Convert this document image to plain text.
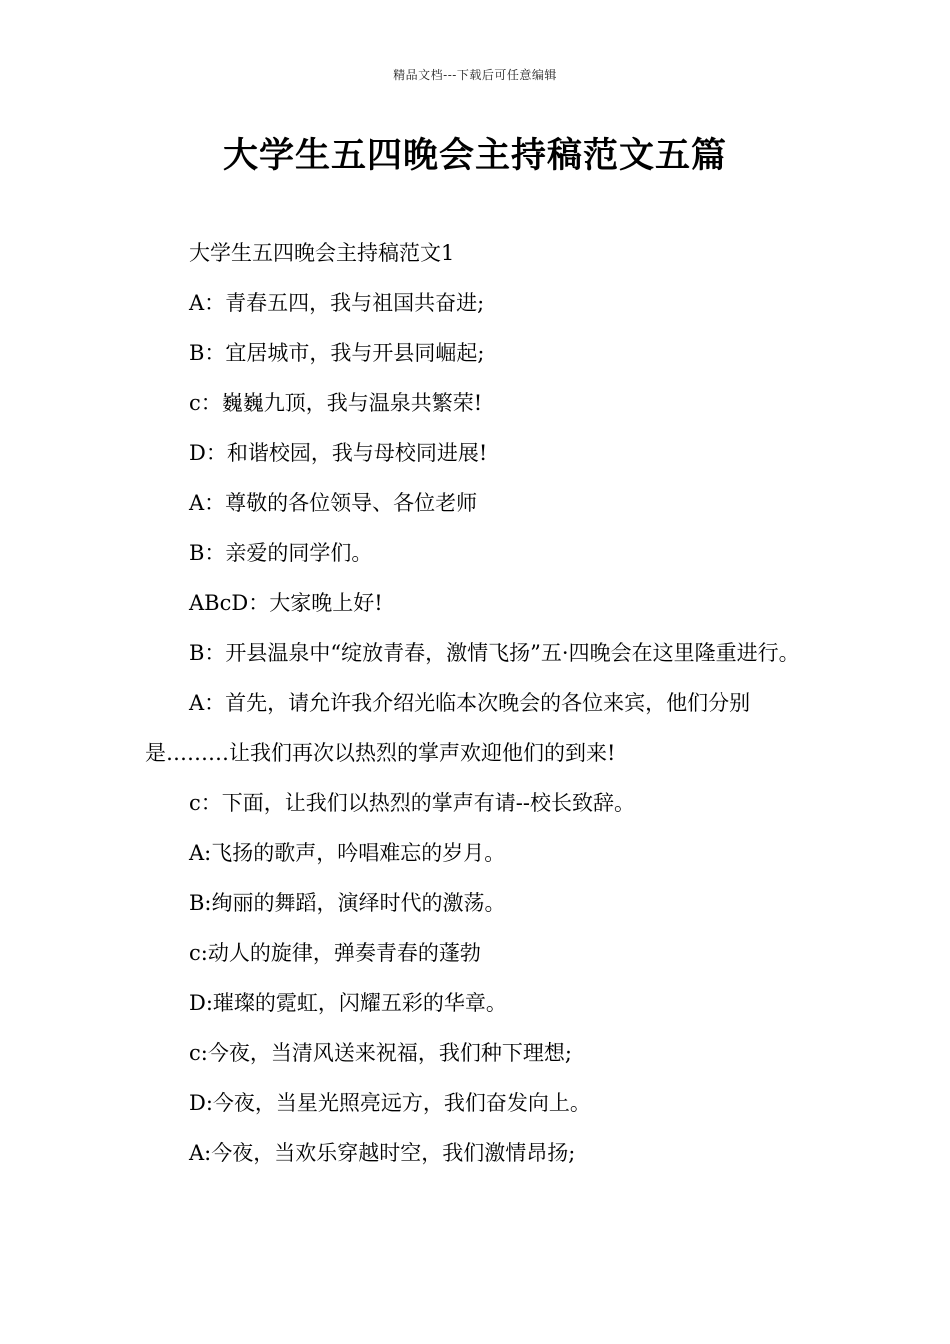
精品文档---下载后可任意编辑
大学生五四晚会主持稿范文五篇

大学生五四晚会主持稿范文1

A：青春五四，我与祖国共奋进;

B：宜居城市，我与开县同崛起;

c：巍巍九顶，我与温泉共繁荣!

D：和谐校园，我与母校同进展!

A：尊敬的各位领导、各位老师

B：亲爱的同学们。

ABcD：大家晚上好!

B：开县温泉中“绽放青春，激情飞扬”五·四晚会在这里隆重进行。

A：首先，请允许我介绍光临本次晚会的各位来宾，他们分别是………让我们再次以热烈的掌声欢迎他们的到来!

c：下面，让我们以热烈的掌声有请--校长致辞。

A:飞扬的歌声，吟唱难忘的岁月。

B:绚丽的舞蹈，演绎时代的激荡。

c:动人的旋律，弹奏青春的蓬勃

D:璀璨的霓虹，闪耀五彩的华章。

c:今夜，当清风送来祝福，我们种下理想;

D:今夜，当星光照亮远方，我们奋发向上。

A:今夜，当欢乐穿越时空，我们激情昂扬;
